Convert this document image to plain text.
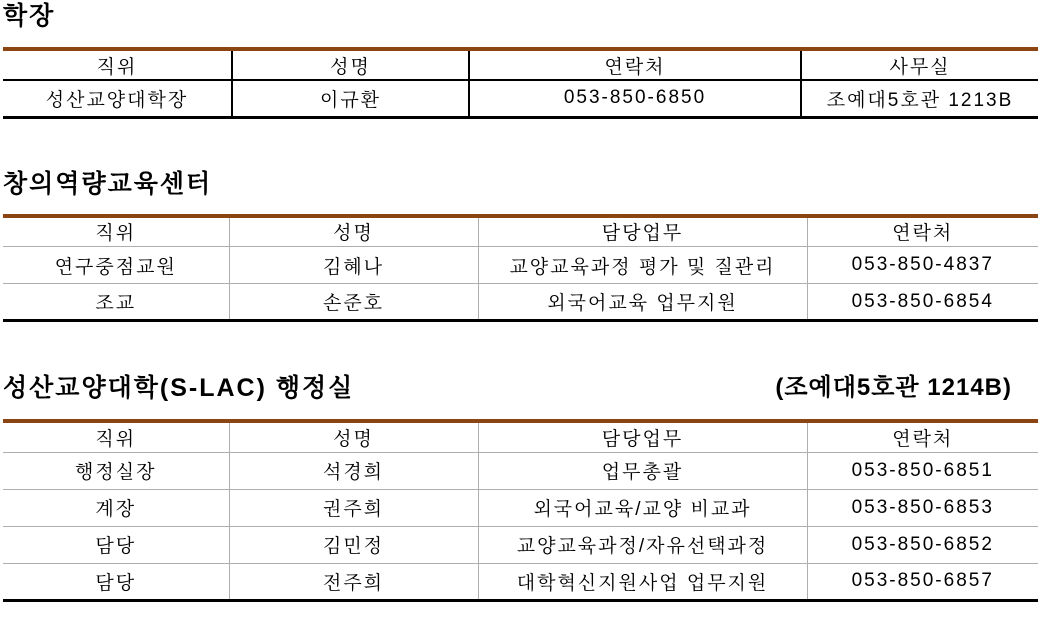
학장
직위	성명	연락처	사무실
성산교양대학장	이규환	053-850-6850	조예대5호관 1213B
창의역량교육센터
직위	성명	담당업무	연락처
연구중점교원	김혜나	교양교육과정 평가 및 질관리	053-850-4837
조교	손준호	외국어교육 업무지원	053-850-6854
성산교양대학(S-LAC) 행정실	(조예대5호관 1214B)
직위	성명	담당업무	연락처
행정실장	석경희	업무총괄	053-850-6851
계장	권주희	외국어교육/교양 비교과	053-850-6853
담당	김민정	교양교육과정/자유선택과정	053-850-6852
담당	전주희	대학혁신지원사업 업무지원	053-850-6857
